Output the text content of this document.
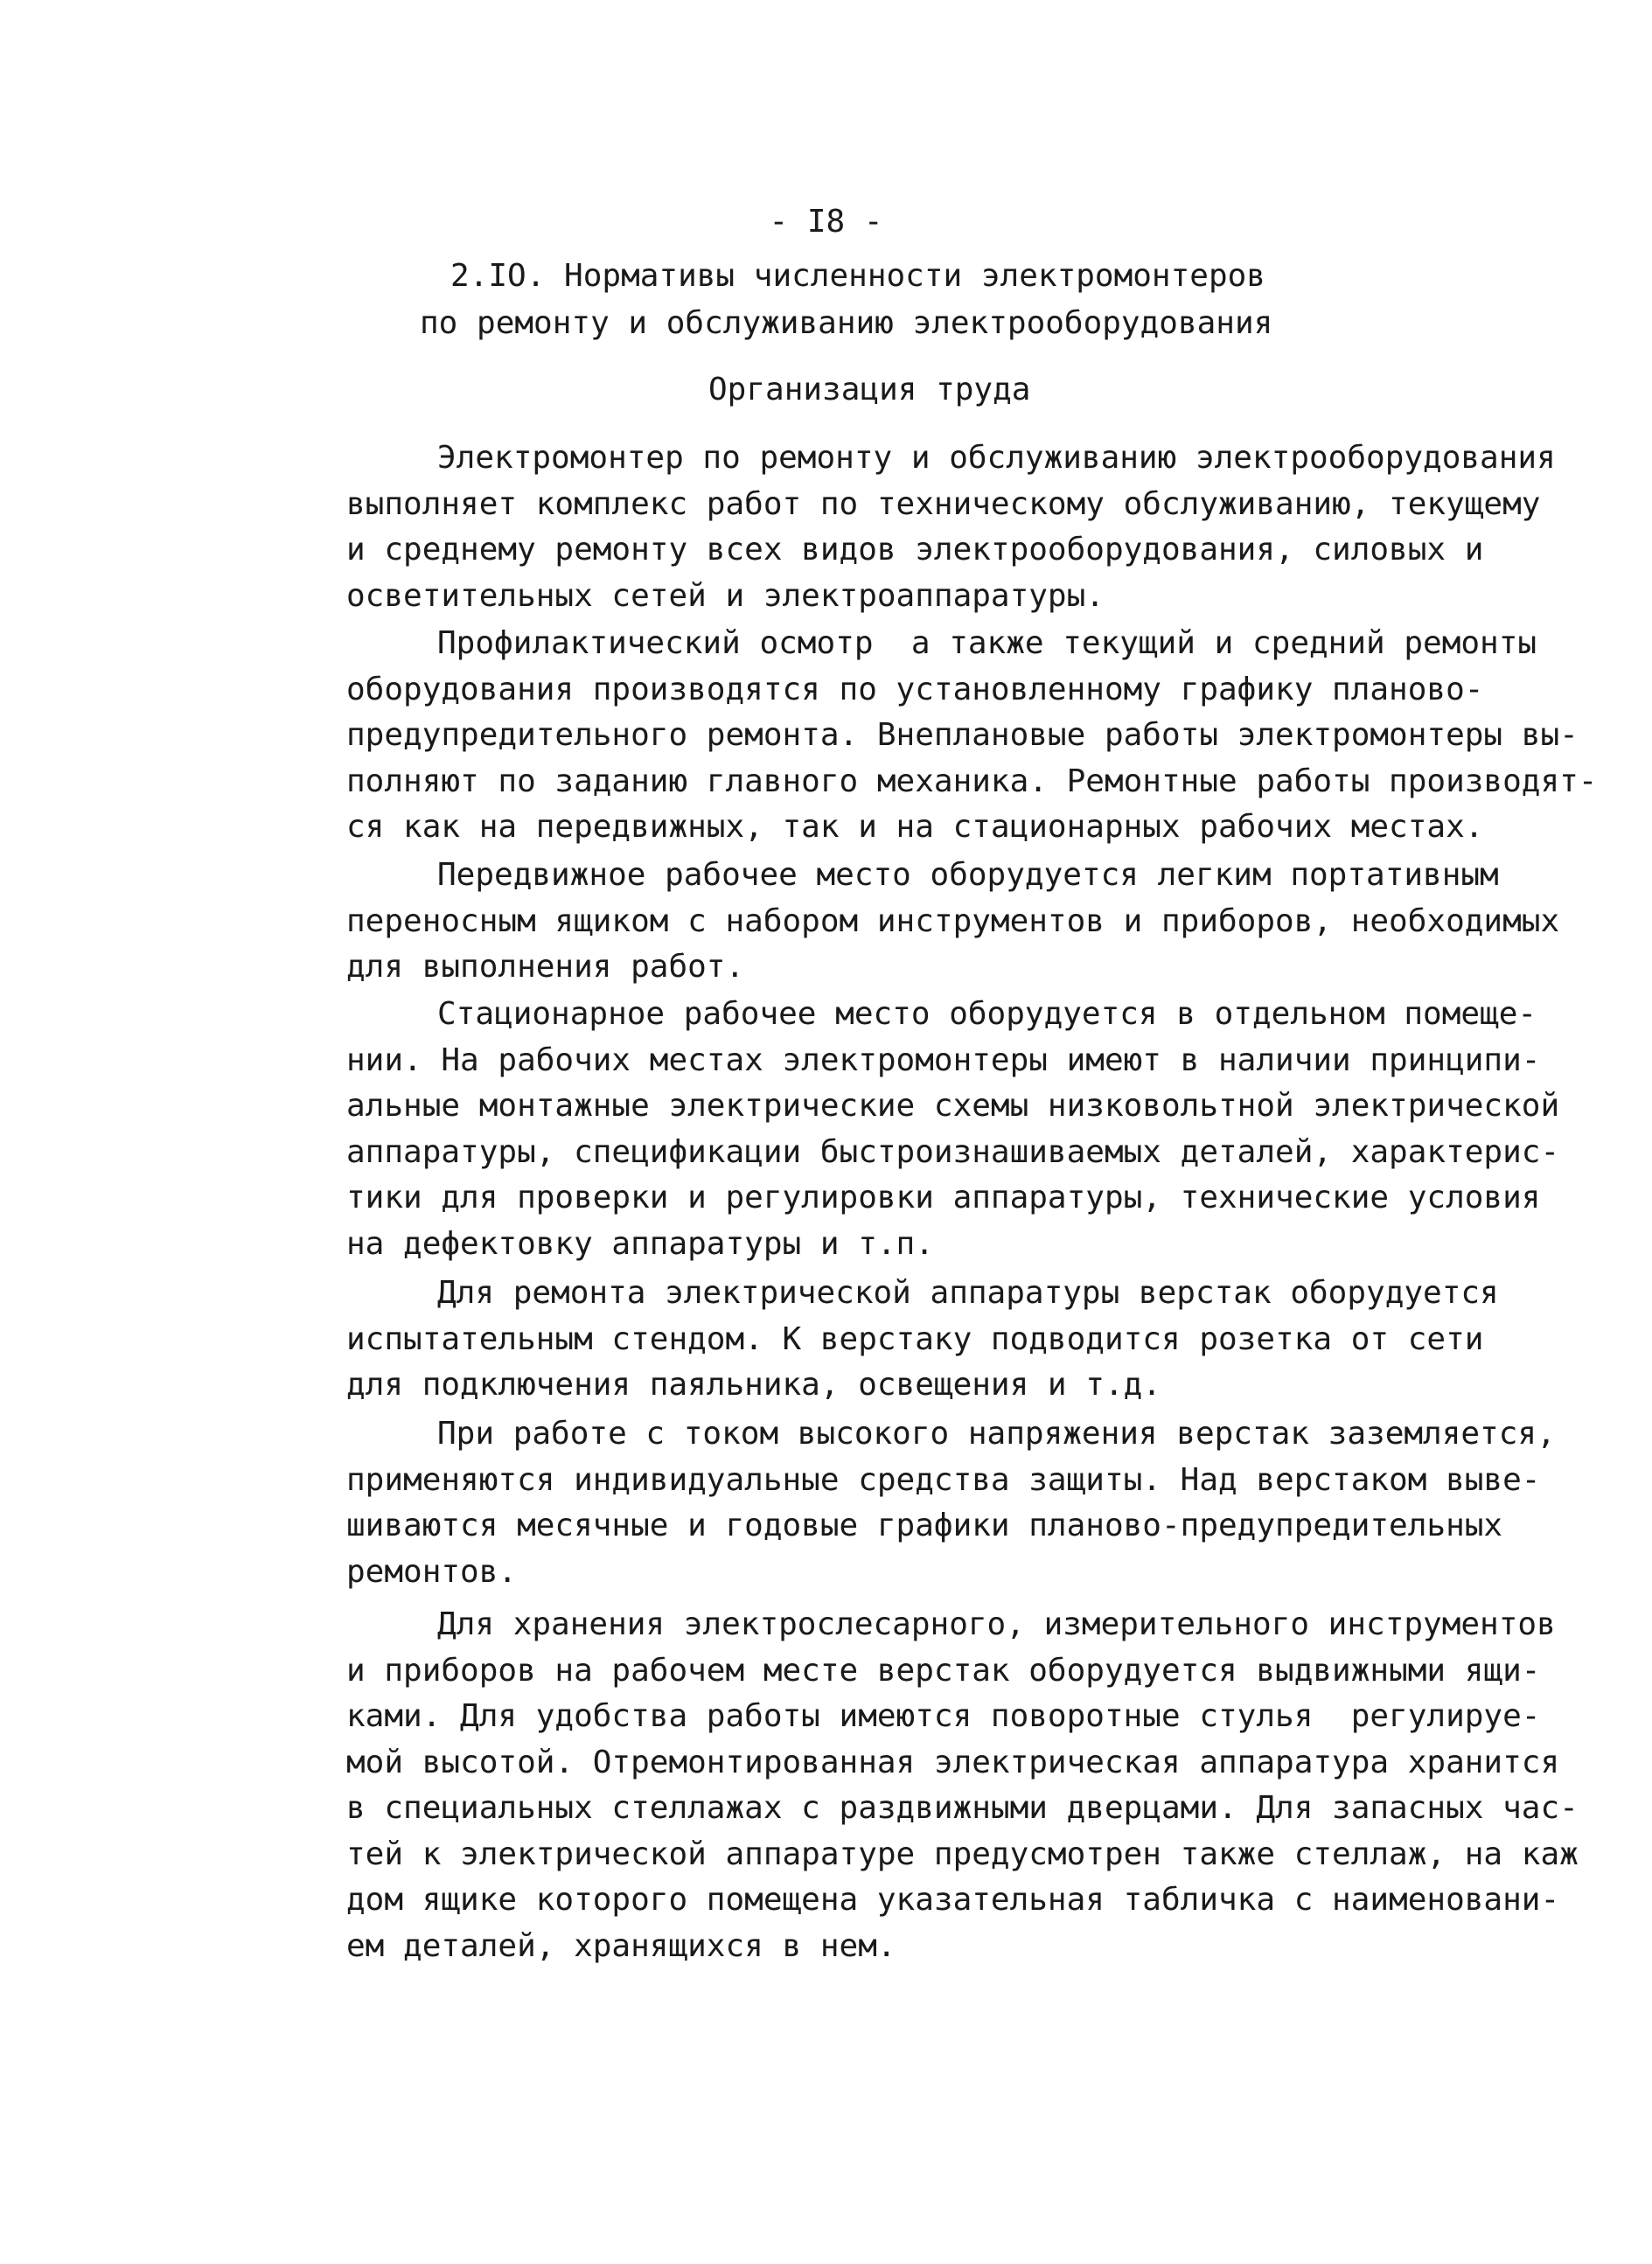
- I8 -
2.IO. Нормативы численности электромонтеров
по ремонту и обслуживанию электрооборудования
Организация труда
Электромонтер по ремонту и обслуживанию электрооборудования
выполняет комплекс работ по техническому обслуживанию, текущему
и среднему ремонту всех видов электрооборудования, силовых и
осветительных сетей и электроаппаратуры.
Профилактический осмотр  а также текущий и средний ремонты
оборудования производятся по установленному графику планово-
предупредительного ремонта. Внеплановые работы электромонтеры вы-
полняют по заданию главного механика. Ремонтные работы производят-
ся как на передвижных, так и на стационарных рабочих местах.
Передвижное рабочее место оборудуется легким портативным
переносным ящиком с набором инструментов и приборов, необходимых
для выполнения работ.
Стационарное рабочее место оборудуется в отдельном помеще-
нии. На рабочих местах электромонтеры имеют в наличии принципи-
альные монтажные электрические схемы низковольтной электрической
аппаратуры, спецификации быстроизнашиваемых деталей, характерис-
тики для проверки и регулировки аппаратуры, технические условия
на дефектовку аппаратуры и т.п.
Для ремонта электрической аппаратуры верстак оборудуется
испытательным стендом. К верстаку подводится розетка от сети
для подключения паяльника, освещения и т.д.
При работе с током высокого напряжения верстак заземляется,
применяются индивидуальные средства защиты. Над верстаком выве-
шиваются месячные и годовые графики планово-предупредительных
ремонтов.
Для хранения электрослесарного, измерительного инструментов
и приборов на рабочем месте верстак оборудуется выдвижными ящи-
ками. Для удобства работы имеются поворотные стулья  регулируе-
мой высотой. Отремонтированная электрическая аппаратура хранится
в специальных стеллажах с раздвижными дверцами. Для запасных час-
тей к электрической аппаратуре предусмотрен также стеллаж, на каж
дом ящике которого помещена указательная табличка с наименовани-
ем деталей, хранящихся в нем.
